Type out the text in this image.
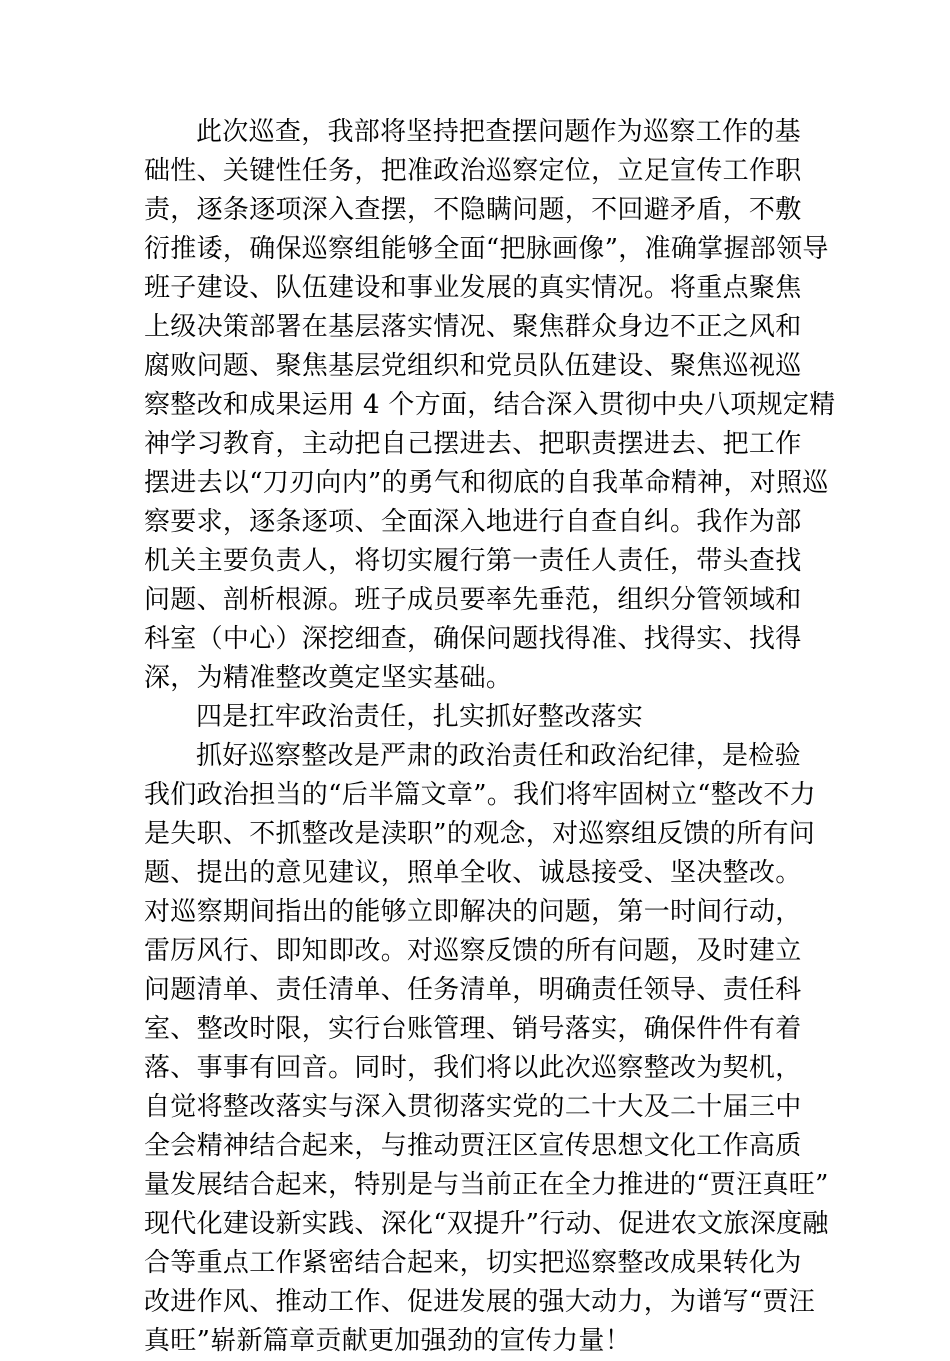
此次巡查，我部将坚持把查摆问题作为巡察工作的基
础性、关键性任务，把准政治巡察定位，立足宣传工作职
责，逐条逐项深入查摆，不隐瞒问题，不回避矛盾，不敷
衍推诿，确保巡察组能够全面“把脉画像”，准确掌握部领导
班子建设、队伍建设和事业发展的真实情况。将重点聚焦
上级决策部署在基层落实情况、聚焦群众身边不正之风和
腐败问题、聚焦基层党组织和党员队伍建设、聚焦巡视巡
察整改和成果运用 4 个方面，结合深入贯彻中央八项规定精
神学习教育，主动把自己摆进去、把职责摆进去、把工作
摆进去以“刀刃向内”的勇气和彻底的自我革命精神，对照巡
察要求，逐条逐项、全面深入地进行自查自纠。我作为部
机关主要负责人，将切实履行第一责任人责任，带头查找
问题、剖析根源。班子成员要率先垂范，组织分管领域和
科室（中心）深挖细查，确保问题找得准、找得实、找得
深，为精准整改奠定坚实基础。
四是扛牢政治责任，扎实抓好整改落实
抓好巡察整改是严肃的政治责任和政治纪律，是检验
我们政治担当的“后半篇文章”。我们将牢固树立“整改不力
是失职、不抓整改是渎职”的观念，对巡察组反馈的所有问
题、提出的意见建议，照单全收、诚恳接受、坚决整改。
对巡察期间指出的能够立即解决的问题，第一时间行动，
雷厉风行、即知即改。对巡察反馈的所有问题，及时建立
问题清单、责任清单、任务清单，明确责任领导、责任科
室、整改时限，实行台账管理、销号落实，确保件件有着
落、事事有回音。同时，我们将以此次巡察整改为契机，
自觉将整改落实与深入贯彻落实党的二十大及二十届三中
全会精神结合起来，与推动贾汪区宣传思想文化工作高质
量发展结合起来，特别是与当前正在全力推进的“贾汪真旺”
现代化建设新实践、深化“双提升”行动、促进农文旅深度融
合等重点工作紧密结合起来，切实把巡察整改成果转化为
改进作风、推动工作、促进发展的强大动力，为谱写“贾汪
真旺”崭新篇章贡献更加强劲的宣传力量！
